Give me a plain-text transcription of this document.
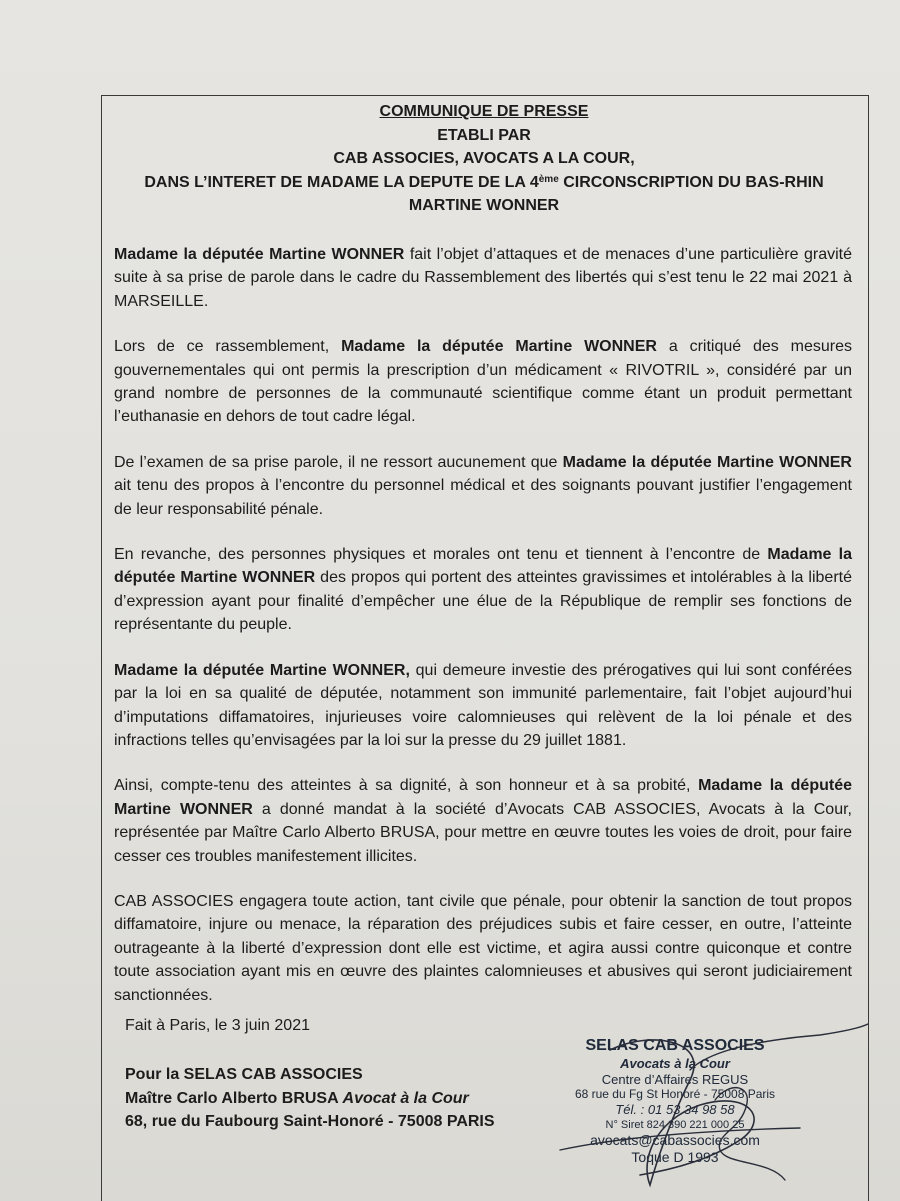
COMMUNIQUE DE PRESSE
ETABLI PAR
CAB ASSOCIES, AVOCATS A LA COUR,
DANS L’INTERET DE MADAME LA DEPUTE DE LA 4ème CIRCONSCRIPTION DU BAS-RHIN
MARTINE WONNER

Madame la députée Martine WONNER fait l’objet d’attaques et de menaces d’une particulière gravité suite à sa prise de parole dans le cadre du Rassemblement des libertés qui s’est tenu le 22 mai 2021 à MARSEILLE.

Lors de ce rassemblement, Madame la députée Martine WONNER a critiqué des mesures gouvernementales qui ont permis la prescription d’un médicament « RIVOTRIL », considéré par un grand nombre de personnes de la communauté scientifique comme étant un produit permettant l’euthanasie en dehors de tout cadre légal.

De l’examen de sa prise parole, il ne ressort aucunement que Madame la députée Martine WONNER ait tenu des propos à l’encontre du personnel médical et des soignants pouvant justifier l’engagement de leur responsabilité pénale.

En revanche, des personnes physiques et morales ont tenu et tiennent à l’encontre de Madame la députée Martine WONNER des propos qui portent des atteintes gravissimes et intolérables à la liberté d’expression ayant pour finalité d’empêcher une élue de la République de remplir ses fonctions de représentante du peuple.

Madame la députée Martine WONNER, qui demeure investie des prérogatives qui lui sont conférées par la loi en sa qualité de députée, notamment son immunité parlementaire, fait l’objet aujourd’hui d’imputations diffamatoires, injurieuses voire calomnieuses qui relèvent de la loi pénale et des infractions telles qu’envisagées par la loi sur la presse du 29 juillet 1881.

Ainsi, compte-tenu des atteintes à sa dignité, à son honneur et à sa probité, Madame la députée Martine WONNER a donné mandat à la société d’Avocats CAB ASSOCIES, Avocats à la Cour, représentée par Maître Carlo Alberto BRUSA, pour mettre en œuvre toutes les voies de droit, pour faire cesser ces troubles manifestement illicites.

CAB ASSOCIES engagera toute action, tant civile que pénale, pour obtenir la sanction de tout propos diffamatoire, injure ou menace, la réparation des préjudices subis et faire cesser, en outre, l’atteinte outrageante à la liberté d’expression dont elle est victime, et agira aussi contre quiconque et contre toute association ayant mis en œuvre des plaintes calomnieuses et abusives qui seront judiciairement sanctionnées.

Fait à Paris, le 3 juin 2021
Pour la SELAS CAB ASSOCIES
Maître Carlo Alberto BRUSA Avocat à la Cour
68, rue du Faubourg Saint-Honoré - 75008 PARIS
SELAS CAB ASSOCIES
Avocats à la Cour
Centre d’Affaires REGUS
68 rue du Fg St Honoré - 75008 Paris
Tél. : 01 53 34 98 58
N° Siret 824 390 221 000 25
avocats@cabassocies.com
Toque D 1993
